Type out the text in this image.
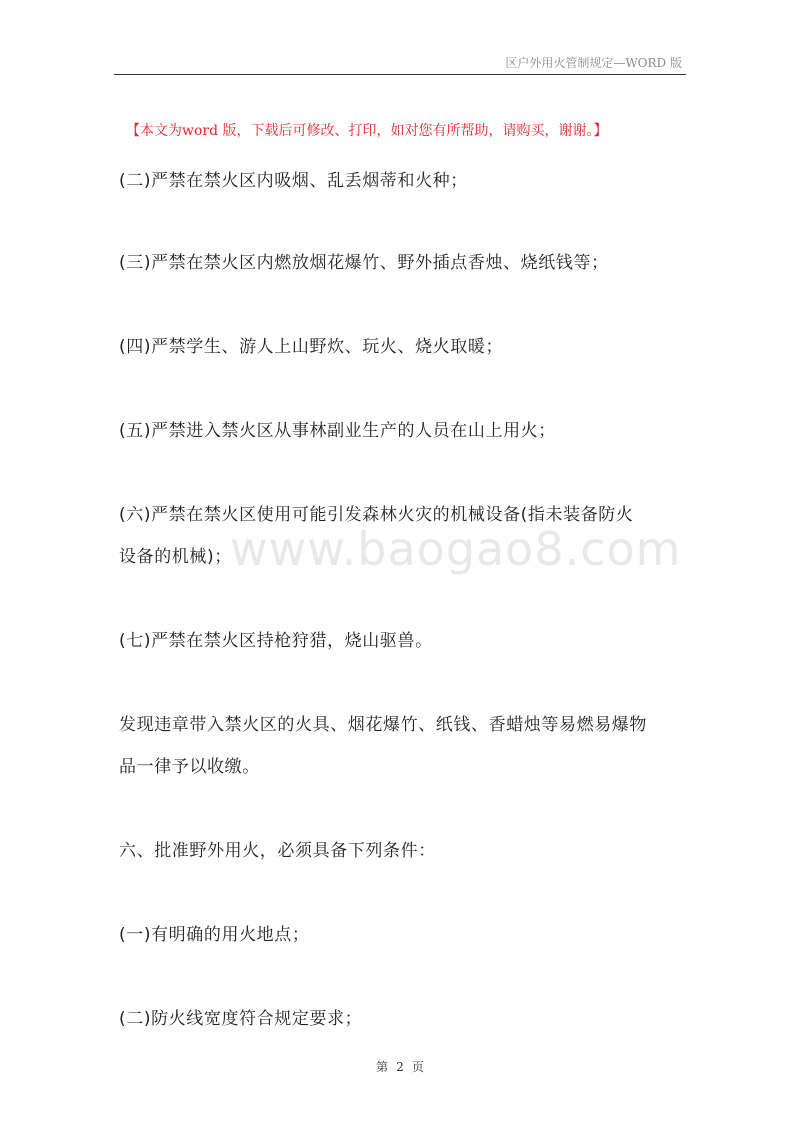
区户外用火管制规定—WORD 版
【本文为word 版，下载后可修改、打印，如对您有所帮助，请购买，谢谢。】
(二)严禁在禁火区内吸烟、乱丢烟蒂和火种；
(三)严禁在禁火区内燃放烟花爆竹、野外插点香烛、烧纸钱等；
(四)严禁学生、游人上山野炊、玩火、烧火取暖；
(五)严禁进入禁火区从事林副业生产的人员在山上用火；
(六)严禁在禁火区使用可能引发森林火灾的机械设备(指未装备防火
设备的机械)；
(七)严禁在禁火区持枪狩猎，烧山驱兽。
发现违章带入禁火区的火具、烟花爆竹、纸钱、香蜡烛等易燃易爆物
品一律予以收缴。
六、批准野外用火，必须具备下列条件：
(一)有明确的用火地点；
(二)防火线宽度符合规定要求；
www.baogao8.com
第 2 页
